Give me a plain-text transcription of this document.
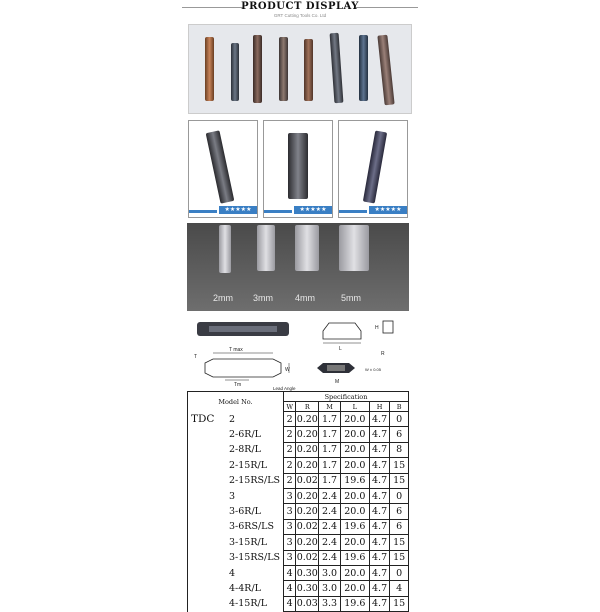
PRODUCT DISPLAY
GRT Cutting Tools Co. Ltd
★★★★★	★★★★★	★★★★★
2mm 3mm 4mm	5mm
T max
T
W
Tm
Lead Angle
L
H
M
R
W ± 0.05
Model No.	Specification					
	W	R	M	L	H	B
TDC 2	2	0.20	1.7	20.0	4.7	0
2-6R/L	2	0.20	1.7	20.0	4.7	6
2-8R/L	2	0.20	1.7	20.0	4.7	8
2-15R/L	2	0.20	1.7	20.0	4.7	15
2-15RS/LS	2	0.02	1.7	19.6	4.7	15
3	3	0.20	2.4	20.0	4.7	0
3-6R/L	3	0.20	2.4	20.0	4.7	6
3-6RS/LS	3	0.02	2.4	19.6	4.7	6
3-15R/L	3	0.20	2.4	20.0	4.7	15
3-15RS/LS	3	0.02	2.4	19.6	4.7	15
4	4	0.30	3.0	20.0	4.7	0
4-4R/L	4	0.30	3.0	20.0	4.7	4
4-15R/L	4	0.03	3.3	19.6	4.7	15
